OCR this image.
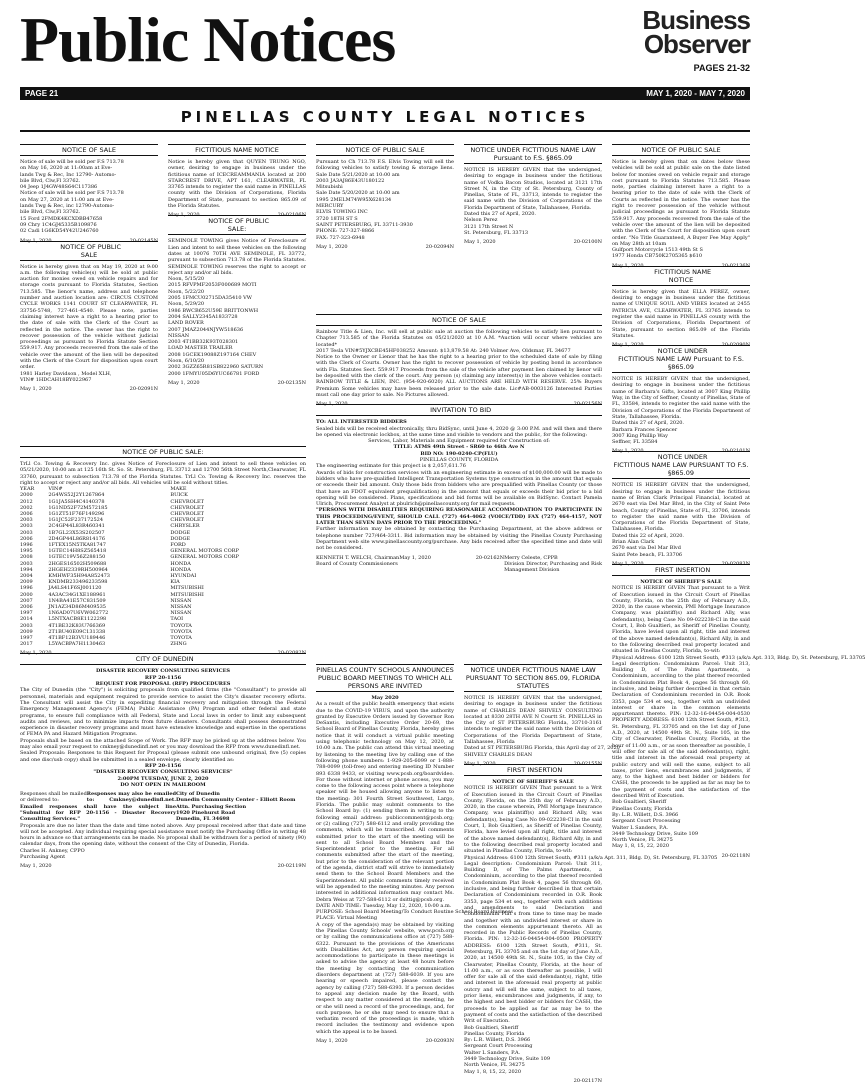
Public Notices	Business
Observer
PAGES 21-32
PAGE 21	MAY 1, 2020 - MAY 7, 2020
PINELLAS COUNTY LEGAL NOTICES
NOTICE OF SALE

Notice of sale will be sold per F.S 713.78

on May 16, 2020 at 11:00am at Eve-

lands Twg & Rec, Inc 12790- Automo-

bile Blvd, Clw,Fl 33762.

04 Jeep 1J4GW48S64C117386

Notice of sale will be sold per F.S 713.78

on May 27, 2020 at 11:00 am at Eve-

lands Twg & Rec, inc 12790-Automo-

bile Blvd, Clw,Fl 33762.

15 Ford 2FMDK4KCXDBB47658

09 Chry 1C4GJ45335B109876

02 Cadi 1G6KD54Y42U246760

May 1, 2020	20-02145N
NOTICE OF PUBLIC SALE

Notice is hereby given that on May 19, 2020 at 9:00 a.m. the following vehicle(s) will be sold at public auction for monies owed on vehicle repairs and for storage costs pursuant to Florida Statutes, Section 713.585. The lienor's name, address and telephone number and auction location are: CIRCUS CUSTOM CYCLE WORKS 1141 COURT ST CLEARWATER, FL 33756-5748, 727-461-4540. Please note, parties claiming interest have a right to a hearing prior to the date of sale with the Clerk of the Court as reflected in the notice. The owner has the right to recover possession of the vehicle without judicial proceedings as pursuant to Florida Statute Section 559.917. Any proceeds recovered from the sale of the vehicle over the amount of the lien will be deposited with the Clerk of the Court for disposition upon court order.

1981 Harley Davidson , Model XLH,

VIN# 1HDCAH18BY022967

May 1, 2020	20-02091N
FICTITIOUS NAME NOTICE

Notice is hereby given that QUYEN TRUNG NGO, owner, desiring to engage in business under the fictitious name of ICECREAMMANIA located at 200 STARCREST DRIVE, APT 161, CLEARWATER, FL 33765 intends to register the said name in PINELLAS county with the Division of Corporations, Florida Department of State, pursuant to section 865.09 of the Florida Statutes.

May 1, 2020	20-02106N
NOTICE OF PUBLIC SALE:

SEMINOLE TOWING gives Notice of Foreclosure of Lien and intent to sell these vehicles on the following dates at 10076 70TH AVE SEMINOLE, FL 33772, pursuant to subsection 713.78 of the Florida Statutes. SEMINOLE TOWING reserves the right to accept or reject any and/or all bids.

Noon, 5/15/20

2015 RFVPMF2053F000689 MOTI

Noon, 5/22/20

2005 1FMCU02715DA35410 VW

Noon, 5/29/20

1986 BWCB652U59E BRITTONWH

2004 SALLY2345A1833728

LAND ROVER

2007 JMAZ2044NJYW518636

NISSAN

2003 4T1BB32K93T028301

LOAD MASTER TRAILER

2008 1GCEK19088Z197164 CHEV

Noon, 6/10/20

2002 3GZZ65R81SB822960 SATURN

2000 1FMYU05D6YUC66781 FORD

May 1, 2020	20-02135N
NOTICE OF PUBLIC SALE:

TrLl Co. Towing & Recovery Inc. gives Notice of Foreclosure of Lien and intent to sell these vehicles on 05/21/2020, 10:00 am at 125 16th St. So. St. Petersburg, FL 33712 and 12700 56th Street North,Clearwater, FL 33760, pursuant to subsection 713.78 of the Florida Statutes. TrLl Co. Towing & Recovery Inc. reserves the right to accept or reject any and/or all bids. All vehicles will be sold without titles.

YEAR	VIN#	MAKE
2000	2G4WS52J2Y1267864	BUICK
2012	1G1JA5SH4C4140378	CHEVROLET
2002	1G1ND52F72M572185	CHEVROLET
2006	1G1ZT51F76F149296	CHEVROLET
2003	1G1JC52F237172524	CHEVROLET
2003	2C4GP44L83R460341	CHRYSLER
2003	1B7GL23X53S202507	DODGE
2006	2D4GP44L86R814176	DODGE
1996	1FTEX15N5TKA81747	FORD
1995	1GTEC14H8SZ565418	GENERAL MOTORS CORP
2008	1GTEC19V56Z288150	GENERAL MOTORS CORP
2003	2HGES16502H509688	HONDA
1994	2HGEH2339RH500964	HONDA
2004	KMHWF35H94A852473	HYUNDAI
2009	KNDMB233496233598	KIA
1996	JA4LS41F6SJ001120	MITSUBISHI
2000	4A3AC34G1XE188961	MITSUBISHI
2007	1N4BA41E57C831509	NISSAN
2006	JN1AZ34D86M409535	NISSAN
1997	1N6AD07U6VW062772	NISSAN
2014	L5NTXACB8E1122298	TAOI
2003	4T1BE32K83U766369	TOYOTA
2009	2T1BU40E09C131338	TOYOTA
1997	4T1BF12B3VU189446	TOYOTA
2017	L5YACBPA7H1130463	ZHNG
May 1, 2020	20-02082N
CITY OF DUNEDIN

DISASTER RECOVERY CONSULTING SERVICES

RFP 20-1156

REQUEST FOR PROPOSAL (RFP) PROCEDURES

The City of Dunedin (the "City") is soliciting proposals from qualified firms (the "Consultant") to provide all personnel, materials and equipment required to provide service to assist the City's disaster recovery efforts. The Consultant will assist the City in expediting financial recovery and mitigation through the Federal Emergency Management Agency's (FEMA) Public Assistance (PA) Program and other federal and state programs, to ensure full compliance with all Federal, State and Local laws in order to limit any subsequent audits and reviews, and to minimize impacts from future disasters. Consultants shall possess demonstrated experience in disaster recovery programs and must have extensive knowledge and expertise in the operations of FEMA PA and Hazard Mitigation Programs.

Proposals shall be based on the attached Scope of Work. The RFP may be picked up at the address below. You may also email your request to cmkney@dunedinfl.net or you may download the RFP from www.dunedinfl.net.

Sealed Proposals: Responses to this Request for Proposal (please submit one unbound original, five (5) copies and one disc/usb copy) shall be submitted in a sealed envelope, clearly identified as:

RFP 20-1156

"DISASTER RECOVERY CONSULTING SERVICES"

2:00PM TUESDAY, JUNE 2, 2020

DO NOT OPEN IN MAILROOM

Responses shall be mailed

or delivered to:

City of Dunedin

Dunedin Community Center - Elliott Room

Attn. Purchasing Section

1920 Pinehurst Road

Dunedin, FL 34698

Responses may also be emailed to: Cmkney@dunedinfl.net. Emailed responses shall have the subject line "Submittal for RFP 20-1156 - Disaster Recovery Consulting Services."

Proposals are due no later than the date and time noted above. Any proposal received after that date and time will not be accepted. Any individual requiring special assistance must notify the Purchasing Office in writing 48 hours in advance so that arrangements can be made. No proposal shall be withdrawn for a period of ninety (90) calendar days, from the opening date, without the consent of the City of Dunedin, Florida.

Charles H. Ankney, CPPO

Purchasing Agent

May 1, 2020	20-02119N
NOTICE OF PUBLIC SALE

Pursuant to Ch 713.78 F.S. Elvis Towing will sell the following vehicles to satisfy towing & storage liens. Sale Date 5/21/2020 at 10:00 am

2003 JA3AJ86E43U180122

Mitsubishi

Sale Date 5/20/2020 at 10:00 am

1995 2MELM74W95X628134

MERCURY

ELVIS TOWING INC

3720 18TH ST S

SAINT PETERSBURG, FL 33711-3930

PHONE: 727-327-8866

FAX: 727-323-6948

May 1, 2020	20-02094N
NOTICE UNDER FICTITIOUS NAME LAW Pursuant to F.S. §865.09

NOTICE IS HEREBY GIVEN that the undersigned, desiring to engage in business under the fictitious name of Vodka Bacon Studios, located at 3121 17th Street N, in the City of St. Petersburg, County of Pinellas, State of FL, 33713, intends to register the said name with the Division of Corporations of the Florida Department of State, Tallahassee, Florida.

Dated this 27 of April, 2020.

Nelson Perez

3121 17th Street N

St. Petersburg, FL 33713

May 1, 2020	20-02100N
NOTICE OF SALE

Rainbow Title & Lien, Inc. will sell at public sale at auction the following vehicles to satisfy lien pursuant to Chapter 713.585 of the Florida Statutes on 05/21/2020 at 10 A.M. *Auction will occur where vehicles are located*

2017 Tesla VIN#5YJXCBE45HF038252 Amount: $13,879.58 At: 240 Volmer Ave, Oldsmar, FL 34677

Notice to the Owner or Lienor that he has the right to a hearing prior to the scheduled date of sale by filing with the Clerk of Courts. Owner has the right to recover possession of vehicle by posting bond in accordance with Fla. Statutes Sect. 559.917 Proceeds from the sale of the vehicle after payment lien claimed by lienor will be deposited with the clerk of the court. Any person (s) claiming any interest(s) in the above vehicles contact: RAINBOW TITLE & LIEN, INC. (954-920-6020) ALL AUCTIONS ARE HELD WITH RESERVE. 25% Buyers Premium Some vehicles may have been released prior to the sale date. Lic#AB-0003126 Interested Parties must call one day prior to sale. No Pictures allowed.

May 1, 2020	20-02156N
INVITATION TO BID

TO: ALL INTERESTED BIDDERS

Sealed bids will be received electronically, thru BidSync, until June 4, 2020 @ 3:00 P.M. and will then and there be opened via electronic lockbox, at the same time and visible to vendors and the public, for the following:

Services, Labor, Materials and Equipment required for Construction of:

TITLE: ATMS 49th Street - SR60 to 46th Ave N

BID NO: 190-0240-CP(FLU)

PINELLAS COUNTY, FLORIDA

The engineering estimate for this project is $ 2,057,611.76

Awards of bids for construction services with an engineering estimate in excess of $100,000.00 will be made to bidders who have pre-qualified Intelligent Transportation Systems type construction in the amount that equals or exceeds their bid amount. Only those bids from bidders who are prequalified with Pinellas County (or those that have an FDOT equivalent prequalification) in the amount that equals or exceeds their bid prior to a bid opening will be considered. Plans, specifications and bid forms will be available on BidSync. Contact Pamela Ulrich, Procurement Analyst at pbulrich@pinellascounty.org for mail requests.

"PERSONS WITH DISABILITIES REQUIRING REASONABLE ACCOMMODATION TO PARTICIPATE IN THIS PROCEEDING/EVENT, SHOULD CALL (727) 464-4062 (VOICE/TDD) FAX (727) 464-4157, NOT LATER THAN SEVEN DAYS PRIOR TO THE PROCEEDING."

Further information may be obtained by contacting the Purchasing Department, at the above address or telephone number 727/464-3311. Bid information may be obtained by visiting the Pinellas County Purchasing Department web site www.pinellascounty.org/purchase. Any bids received after the specified time and date will not be considered.

KENNETH T. WELCH, Chairman

Board of County Commissioners

Merry Celeste, CPPB

Division Director, Purchasing and Risk

Management Division

May 1, 2020	20-02162N
PINELLAS COUNTY SCHOOLS ANNOUNCES PUBLIC BOARD MEETINGS TO WHICH ALL PERSONS ARE INVITED

May 2020

As a result of the public health emergency that exists due to the COVID-19 VIRUS, and upon the authority granted by Executive Orders issued by Governor Ron DeSantis, including Executive Order 20-69, the School Board of Pinellas County, Florida, hereby gives notice that it will conduct a virtual public meeting using telephonic technology on May 12, 2020, at 10:00 a.m. The public can attend this virtual meeting by listening to the meeting live by calling one of the following phone numbers: 1-929-205-6099 or 1-888-788-0099 (toll-free) and entering meeting ID Number 893 6338 9433, or visiting www.pcsb.org/boardvideo. For those without internet or phone access, you may come to the following access point where a telephone speaker will be housed allowing anyone to listen to the meeting: 301 Fourth Street Southwest, Largo, Florida. The public may submit comments to the School Board by: (1) sending them in writing to the following email address: publiccomment@pcsb.org; or (2) calling (727) 588-6112 and orally providing the comments, which will be transcribed. All comments submitted prior to the start of the meeting will be sent to all School Board Members and the Superintendent prior to the meeting. For all comments submitted after the start of the meeting, but prior to the consideration of the relevant portion of the agenda, district staff will strive to immediately send them to the School Board Members and the Superintendent. All public comments timely received will be appended to the meeting minutes. Any person interested in additional information may contact Ms. Debra Weiss at 727-588-6112 or dsittig@pcsb.org.

DATE AND TIME: Tuesday, May 12, 2020, 10:00 a.m.

PURPOSE: School Board Meeting/To Conduct Routine School Board Business

PLACE: Virtual Meeting

A copy of the agenda(s) may be obtained by visiting the Pinellas County Schools' website, www.pcsb.org or by calling the communications office at (727) 588-6322. Pursuant to the provisions of the Americans with Disabilities Act, any person requiring special accommodations to participate in these meetings is asked to advise the agency at least 48 hours before the meeting by contacting the communication disorders department at (727) 588-6039. If you are hearing or speech impaired, please contact the agency by calling (727) 588-6393. If a person decides to appeal any decision made by the Board, with respect to any matter considered at the meeting, he or she will need a record of the proceedings, and, for such purpose, he or she may need to ensure that a verbatim record of the proceedings is made, which record includes the testimony and evidence upon which the appeal is to be based.

May 1, 2020	20-02093N
NOTICE OF PUBLIC SALE

Notice is hereby given that on dates below these vehicles will be sold at public sale on the date listed below for monies owed on vehicle repair and storage cost pursuant to Florida Statutes 713.585. Please note, parties claiming interest have a right to a hearing prior to the date of sale with the Clerk of Courts as reflected in the notice. The owner has the right to recover possession of the vehicle without judicial proceedings as pursuant to Florida Statute 559.917. Any proceeds recovered from the sale of the vehicle over the amount of the lien will be deposited with the Clerk of the Court for disposition upon court order. "No Title Guaranteed, A Buyer Fee May Apply" on May 28th at 10am

Gulfport Motorcycle 1513 49th St S

1977 Honda CB750K2705365 $610

May 1, 2020	20-02136N
FICTITIOUS NAME NOTICE

Notice is hereby given that ELLA PEREZ, owner, desiring to engage in business under the fictitious name of UNIQUE SOUL AND VIBES located at 2455 PATRICIA AVE, CLEARWATER, FL 33765 intends to register the said name in PINELLAS county with the Division of Corporations, Florida Department of State, pursuant to section 865.09 of the Florida Statutes.

May 1, 2020	20-02090N
NOTICE UNDER FICTITIOUS NAME LAW Pursuant to F.S. §865.09

NOTICE IS HEREBY GIVEN that the undersigned, desiring to engage in business under the fictitious name of Barbara's Gifts, located at 3007 King Phillip Way, in the City of Seffner, County of Pinellas, State of FL, 33584, intends to register the said name with the Division of Corporations of the Florida Department of State, Tallahassee, Florida.

Dated this 27 of April, 2020.

Barbara Frances Spencer

3007 King Phillip Way

Seffner, FL 33584

May 1, 2020	20-02101N
NOTICE UNDER FICTITIOUS NAME LAW PURSUANT TO F.S. §865.09

NOTICE IS HEREBY GIVEN that the undersigned, desiring to engage in business under the fictitious name of Brian Clark Principal Financial, located at 2670 east via Del Mar Blvd, in the City of Saint Pete beach, County of Pinellas, State of FL, 33706, intends to register the said name with the Division of Corporations of the Florida Department of State, Tallahassee, Florida.

Dated this 22 of April, 2020.

Brian Alan Clark

2670 east via Del Mar Blvd

Saint Pete beach, FL 33706

May 1, 2020	20-02083N
FIRST INSERTION

NOTICE OF SHERIFF'S SALE

NOTICE IS HEREBY GIVEN That pursuant to a Writ of Execution issued in the Circuit Court of Pinellas County, Florida, on the 25th day of February A.D., 2020, in the cause wherein, PMI Mortgage Insurance Company, was plaintiff(s) and Richard Ally, was defendant(s), being Case No 09-022238-CI in the said Court, I, Bob Gualtieri, as Sheriff of Pinellas County, Florida, have levied upon all right, title and interest of the above named defendant(s), Richard Ally, in and to the following described real property located and situated in Pinellas County, Florida, to-wit:

Physical Address: 6100 12th Street South, #313 (a/k/a Apt. 313, Bldg. D), St. Petersburg, FL 33705

Legal description: Condominium Parcel: Unit 313, Building D, of The Palms Apartments, a Condominium, according to the plat thereof recorded in Condominium Plat Book 4, pages 56 through 60, inclusive, and being further described in that certain Declaration of Condominium recorded in O.R. Book 3353, page 534 et seq., together with an undivided interest or share in the common elements appurtenant thereto. PIN: 12-32-16-04454-004-0530 PROPERTY ADDRESS: 6100 12th Street South, #313, St. Petersburg, FL 33705 and on the 1st day of June A.D., 2020, at 14500 49th St. N., Suite 105, in the City of Clearwater, Pinellas County, Florida, at the hour of 11:00 a.m., or as soon thereafter as possible, I will offer for sale all of the said defendant(s), right, title and interest in the aforesaid real property at public outcry and will sell the same, subject to all taxes, prior liens, encumbrances and judgments, if any, to the highest and best bidder or bidders for CASH, the proceeds to be applied as far as may be to the payment of costs and the satisfaction of the described Writ of Execution.

Bob Gualtieri, Sheriff

Pinellas County, Florida

By: L.R. Willett, D.S. 3966

Sergeant Court Processing

Walter L Sanders, P.A.

3449 Technology Drive, Suite 109

North Venice, FL 34275

May 1, 8, 15, 22, 2020

20-02118N
NOTICE UNDER FICTITIOUS NAME LAW PURSUANT TO SECTION 865.09, FLORIDA STATUTES

NOTICE IS HEREBY GIVEN that the undersigned, desiring to engage in business under the fictitious name of CHARLES DEAN SHIVELY CONSULTING located at 8330 28TH AVE N Courtt St. PINELLAS in the City of ST PETERSBURG Florida, 33710-3161 intends to register the said name with the Division of Corporations of the Florida Department of State, Tallahassee, Florida

Dated at ST PETERSBURG Florida, this April day of 27, 2020

SHIVELY CHARLES DEAN

May 1, 2020	20-02155N
FIRST INSERTION

NOTICE OF SHERIFF'S SALE

NOTICE IS HEREBY GIVEN That pursuant to a Writ of Execution issued in the Circuit Court of Pinellas County, Florida, on the 25th day of February A.D., 2020, in the cause wherein, PMI Mortgage Insurance Company, was plaintiff(s) and Richard Ally, was defendant(s), being Case No 09-022238-CI in the said Court, I, Bob Gualtieri, as Sheriff of Pinellas County, Florida, have levied upon all right, title and interest of the above named defendant(s), Richard Ally, in and to the following described real property located and situated in Pinellas County, Florida, to-wit:

Physical Address: 6100 12th Street South, #311 (a/k/a Apt. 311, Bldg. D), St. Petersburg, FL 33705

Legal description: Condominium Parcel: Unit 311, Building D, of The Palms Apartments, a Condominium, according to the plat thereof recorded in Condominium Plat Book 4, pages 56 through 60, inclusive, and being further described in that certain Declaration of Condominium recorded in O.R. Book 3353, page 534 et seq., together with such additions and amendments to said Declaration and Condominium Plat s from time to time may be made and together with an undivided interest or share in the common elements appurtenant thereto. All as recorded in the Public Records of Pinellas County, Florida. PIN: 12-32-16-04454-004-0500 PROPERTY ADDRESS: 6100 12th Street South, #311, St. Petersburg, FL 33705 and on the 1st day of June A.D., 2020, at 14500 49th St. N., Suite 105, in the City of Clearwater, Pinellas County, Florida, at the hour of 11:00 a.m., or as soon thereafter as possible, I will offer for sale all of the said defendant(s), right, title and interest in the aforesaid real property at public outcry and will sell the same, subject to all taxes, prior liens, encumbrances and judgments, if any, to the highest and best bidder or bidders for CASH, the proceeds to be applied as far as may be to the payment of costs and the satisfaction of the described Writ of Execution.

Bob Gualtieri, Sheriff

Pinellas County, Florida

By: L.R. Willett, D.S. 3966

Sergeant Court Processing

Walter L Sanders, P.A.

3449 Technology Drive, Suite 109

North Venice, FL 34275

May 1, 8, 15, 22, 2020

20-02117N
